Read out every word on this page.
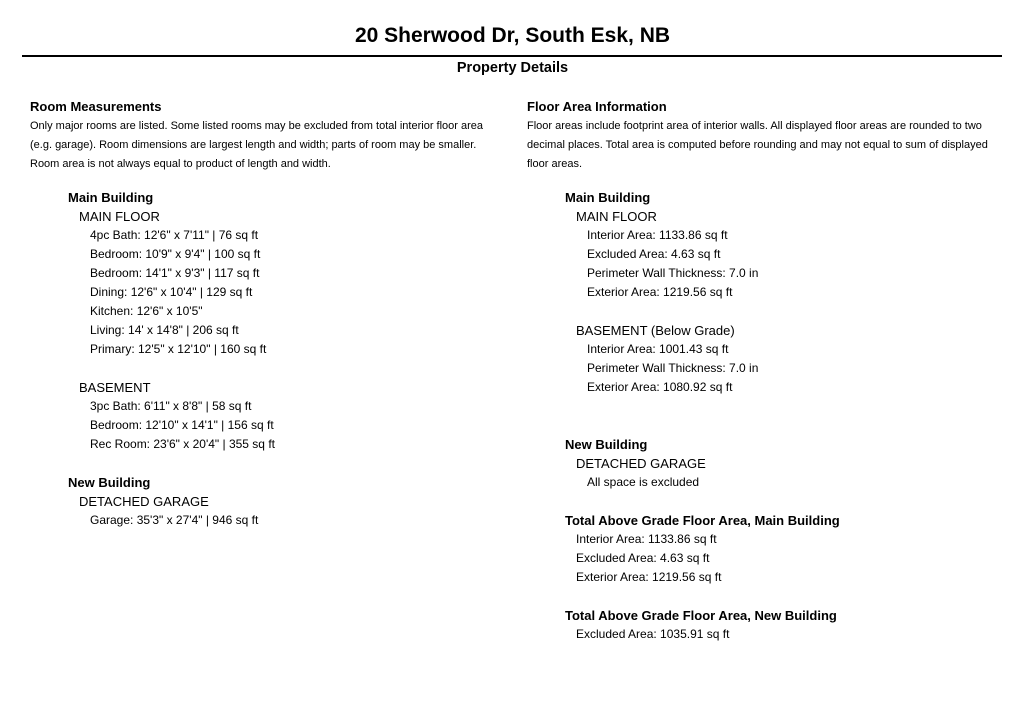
20 Sherwood Dr, South Esk, NB
Property Details
Room Measurements
Only major rooms are listed. Some listed rooms may be excluded from total interior floor area
(e.g. garage). Room dimensions are largest length and width; parts of room may be smaller.
Room area is not always equal to product of length and width.
Main Building
MAIN FLOOR
4pc Bath: 12'6" x 7'11" | 76 sq ft
Bedroom: 10'9" x 9'4" | 100 sq ft
Bedroom: 14'1" x 9'3" | 117 sq ft
Dining: 12'6" x 10'4" | 129 sq ft
Kitchen: 12'6" x 10'5"
Living: 14' x 14'8" | 206 sq ft
Primary: 12'5" x 12'10" | 160 sq ft
BASEMENT
3pc Bath: 6'11" x 8'8" | 58 sq ft
Bedroom: 12'10" x 14'1" | 156 sq ft
Rec Room: 23'6" x 20'4" | 355 sq ft
New Building
DETACHED GARAGE
Garage: 35'3" x 27'4" | 946 sq ft
Floor Area Information
Floor areas include footprint area of interior walls. All displayed floor areas are rounded to two
decimal places. Total area is computed before rounding and may not equal to sum of displayed
floor areas.
Main Building
MAIN FLOOR
Interior Area: 1133.86 sq ft
Excluded Area: 4.63 sq ft
Perimeter Wall Thickness: 7.0 in
Exterior Area: 1219.56 sq ft
BASEMENT (Below Grade)
Interior Area: 1001.43 sq ft
Perimeter Wall Thickness: 7.0 in
Exterior Area: 1080.92 sq ft
New Building
DETACHED GARAGE
All space is excluded
Total Above Grade Floor Area, Main Building
Interior Area: 1133.86 sq ft
Excluded Area: 4.63 sq ft
Exterior Area: 1219.56 sq ft
Total Above Grade Floor Area, New Building
Excluded Area: 1035.91 sq ft
